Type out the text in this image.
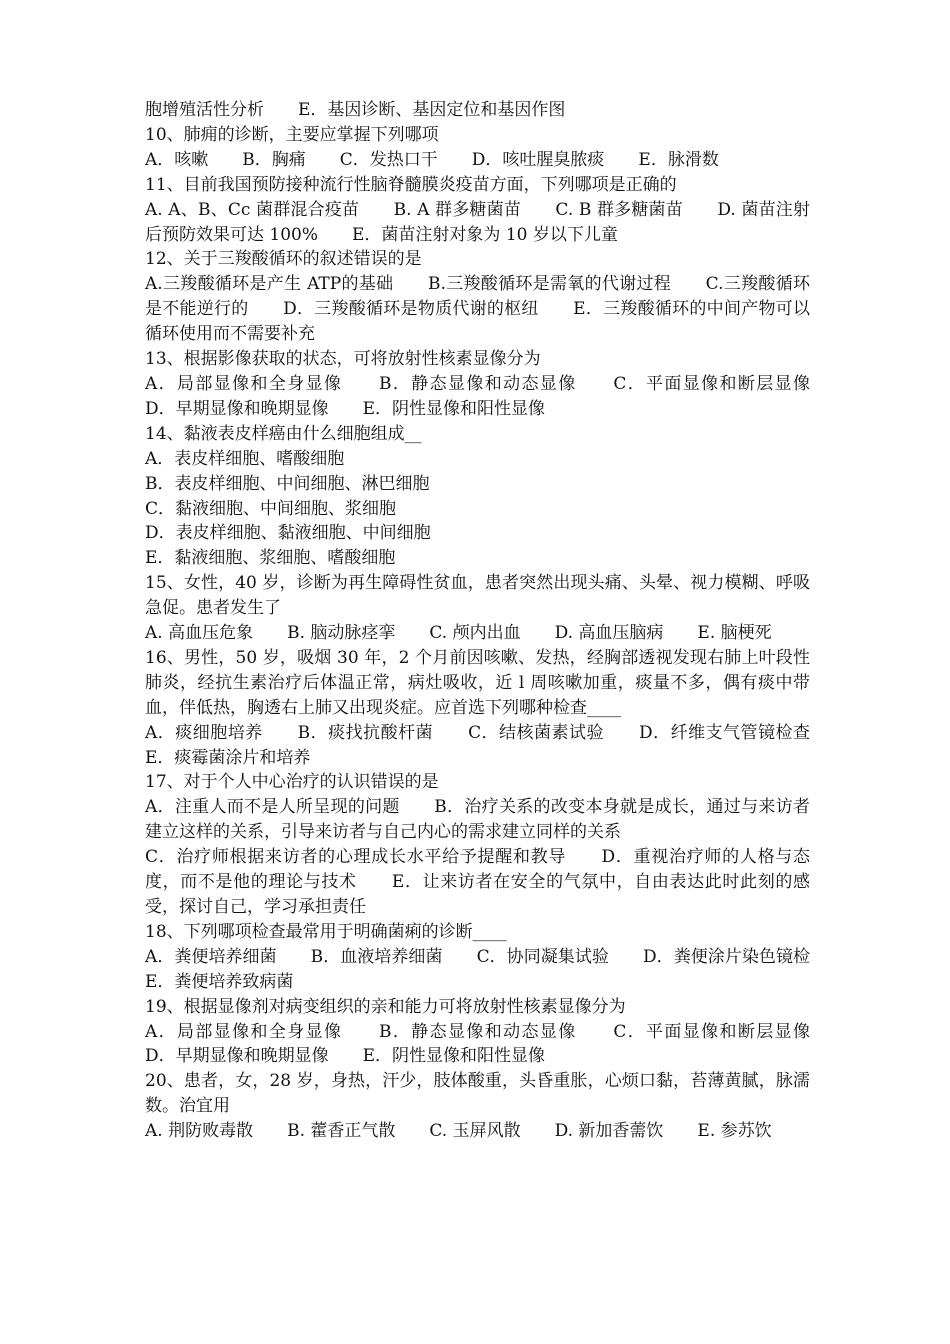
胞增殖活性分析　　E．基因诊断、基因定位和基因作图

10、肺痈的诊断，主要应掌握下列哪项

A．咳嗽　　B．胸痛　　C．发热口干　　D．咳吐腥臭脓痰　　E．脉滑数

11、目前我国预防接种流行性脑脊髓膜炎疫苗方面，下列哪项是正确的

A. A、B、Cc 菌群混合疫苗　　B. A 群多糖菌苗　　C. B 群多糖菌苗　　D. 菌苗注射后预防效果可达 100%　　E．菌苗注射对象为 10 岁以下儿童

12、关于三羧酸循环的叙述错误的是

A.三羧酸循环是产生 ATP的基础　　B.三羧酸循环是需氧的代谢过程　　C.三羧酸循环是不能逆行的　　D．三羧酸循环是物质代谢的枢纽　　E．三羧酸循环的中间产物可以循环使用而不需要补充

13、根据影像获取的状态，可将放射性核素显像分为

A．局部显像和全身显像　　B．静态显像和动态显像　　C．平面显像和断层显像　　D．早期显像和晚期显像　　E．阴性显像和阳性显像

14、黏液表皮样癌由什么细胞组成__

A．表皮样细胞、嗜酸细胞

B．表皮样细胞、中间细胞、淋巴细胞

C．黏液细胞、中间细胞、浆细胞

D．表皮样细胞、黏液细胞、中间细胞

E．黏液细胞、浆细胞、嗜酸细胞

15、女性，40 岁，诊断为再生障碍性贫血，患者突然出现头痛、头晕、视力模糊、呼吸急促。患者发生了

A. 高血压危象　　B. 脑动脉痉挛　　C. 颅内出血　　D. 高血压脑病　　E. 脑梗死

16、男性，50 岁，吸烟 30 年，2 个月前因咳嗽、发热，经胸部透视发现右肺上叶段性肺炎，经抗生素治疗后体温正常，病灶吸收，近 l 周咳嗽加重，痰量不多，偶有痰中带血，伴低热，胸透右上肺又出现炎症。应首选下列哪种检查____

A．痰细胞培养　　B．痰找抗酸杆菌　　C．结核菌素试验　　D．纤维支气管镜检查　　E．痰霉菌涂片和培养

17、对于个人中心治疗的认识错误的是

A．注重人而不是人所呈现的问题　　B．治疗关系的改变本身就是成长，通过与来访者建立这样的关系，引导来访者与自己内心的需求建立同样的关系

C．治疗师根据来访者的心理成长水平给予提醒和教导　　D．重视治疗师的人格与态度，而不是他的理论与技术　　E．让来访者在安全的气氛中，自由表达此时此刻的感受，探讨自己，学习承担责任

18、下列哪项检查最常用于明确菌痢的诊断____

A．粪便培养细菌　　B．血液培养细菌　　C．协同凝集试验　　D．粪便涂片染色镜检　　E．粪便培养致病菌

19、根据显像剂对病变组织的亲和能力可将放射性核素显像分为

A．局部显像和全身显像　　B．静态显像和动态显像　　C．平面显像和断层显像　　D．早期显像和晚期显像　　E．阴性显像和阳性显像

20、患者，女，28 岁，身热，汗少，肢体酸重，头昏重胀，心烦口黏，苔薄黄腻，脉濡数。治宜用

A. 荆防败毒散　　B. 藿香正气散　　C. 玉屏风散　　D. 新加香薷饮　　E. 参苏饮
